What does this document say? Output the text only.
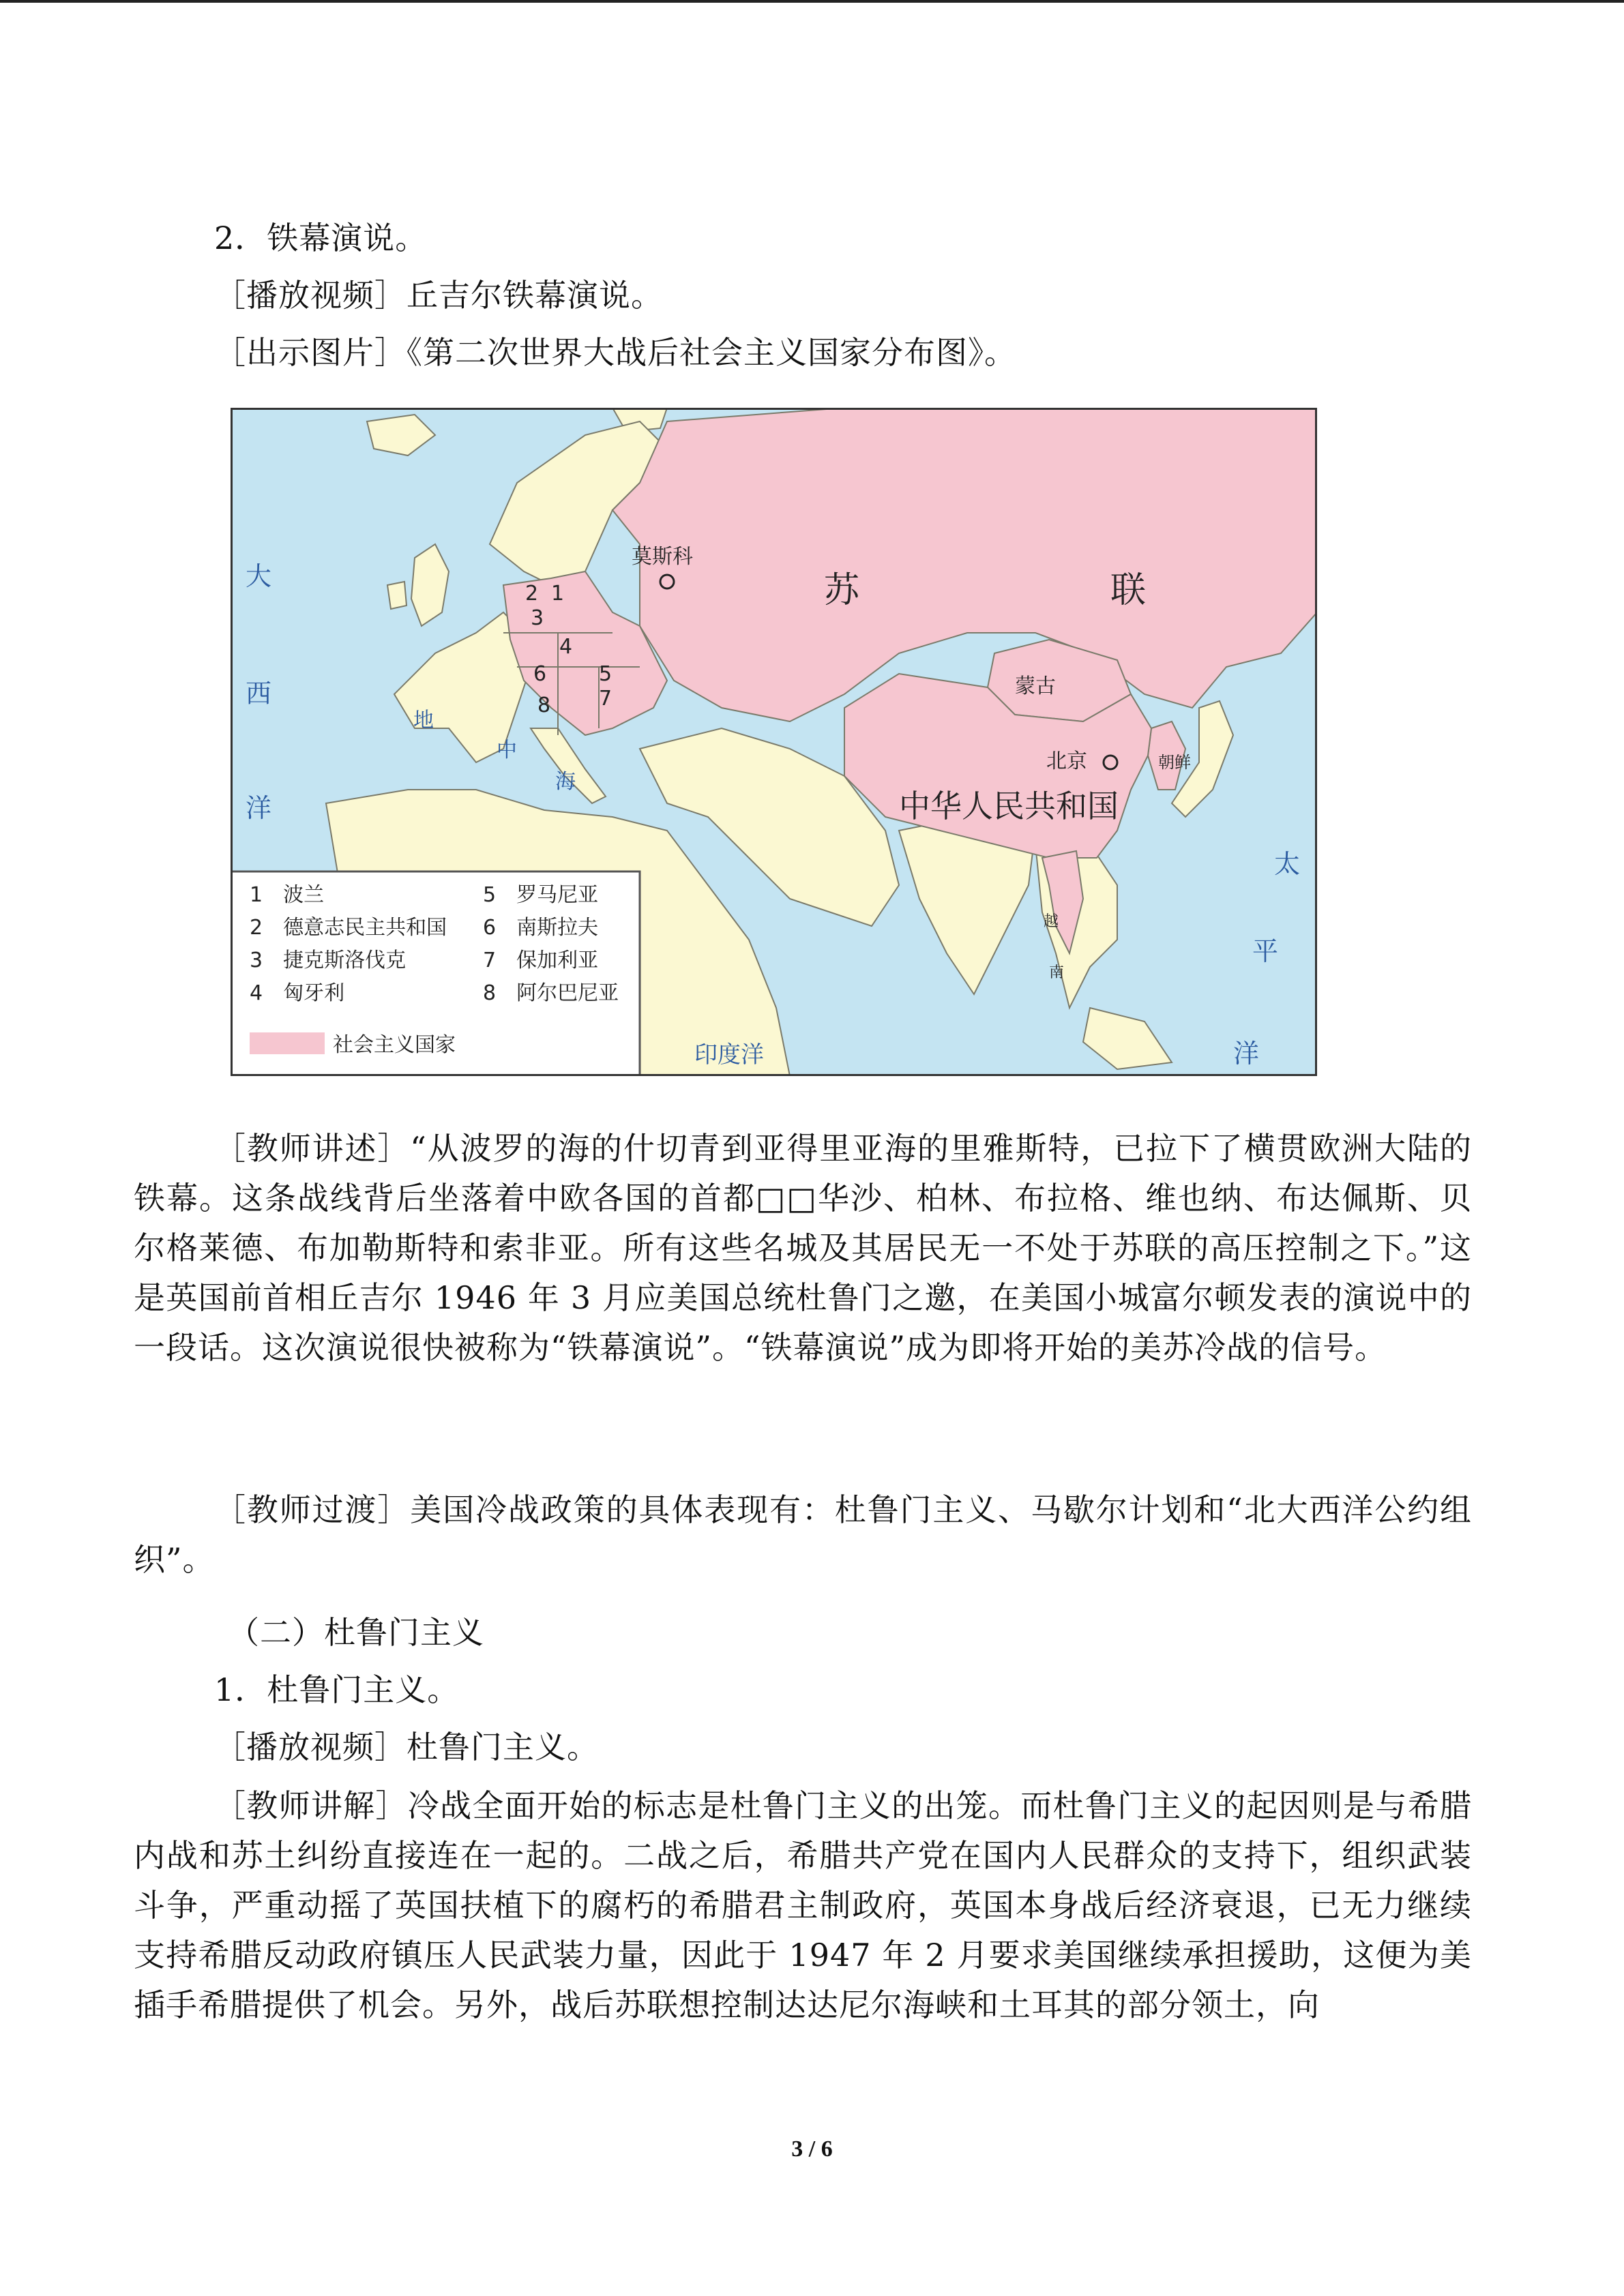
2．铁幕演说。
［播放视频］丘吉尔铁幕演说。
［出示图片］《第二次世界大战后社会主义国家分布图》。
莫斯科
苏	联
蒙古
北京	朝鲜
中华人民共和国
越
南
大
西
洋
地
中
海
太
平
洋
印度洋
2 1
3
4
5
6
7
8
1　波兰
2　德意志民主共和国
3　捷克斯洛伐克
4　匈牙利
5　罗马尼亚
6　南斯拉夫
7　保加利亚
8　阿尔巴尼亚
社会主义国家
［教师讲述］“从波罗的海的什切青到亚得里亚海的里雅斯特，已拉下了横贯欧洲大陆的铁幕。这条战线背后坐落着中欧各国的首都□□华沙、柏林、布拉格、维也纳、布达佩斯、贝尔格莱德、布加勒斯特和索非亚。所有这些名城及其居民无一不处于苏联的高压控制之下。”这是英国前首相丘吉尔 1946 年 3 月应美国总统杜鲁门之邀，在美国小城富尔顿发表的演说中的一段话。这次演说很快被称为“铁幕演说”。“铁幕演说”成为即将开始的美苏冷战的信号。
［教师过渡］美国冷战政策的具体表现有：杜鲁门主义、马歇尔计划和“北大西洋公约组织”。
（二）杜鲁门主义
1．杜鲁门主义。
［播放视频］杜鲁门主义。
［教师讲解］冷战全面开始的标志是杜鲁门主义的出笼。而杜鲁门主义的起因则是与希腊内战和苏土纠纷直接连在一起的。二战之后，希腊共产党在国内人民群众的支持下，组织武装斗争，严重动摇了英国扶植下的腐朽的希腊君主制政府，英国本身战后经济衰退，已无力继续支持希腊反动政府镇压人民武装力量，因此于 1947 年 2 月要求美国继续承担援助，这便为美插手希腊提供了机会。另外，战后苏联想控制达达尼尔海峡和土耳其的部分领土，向
3 / 6
